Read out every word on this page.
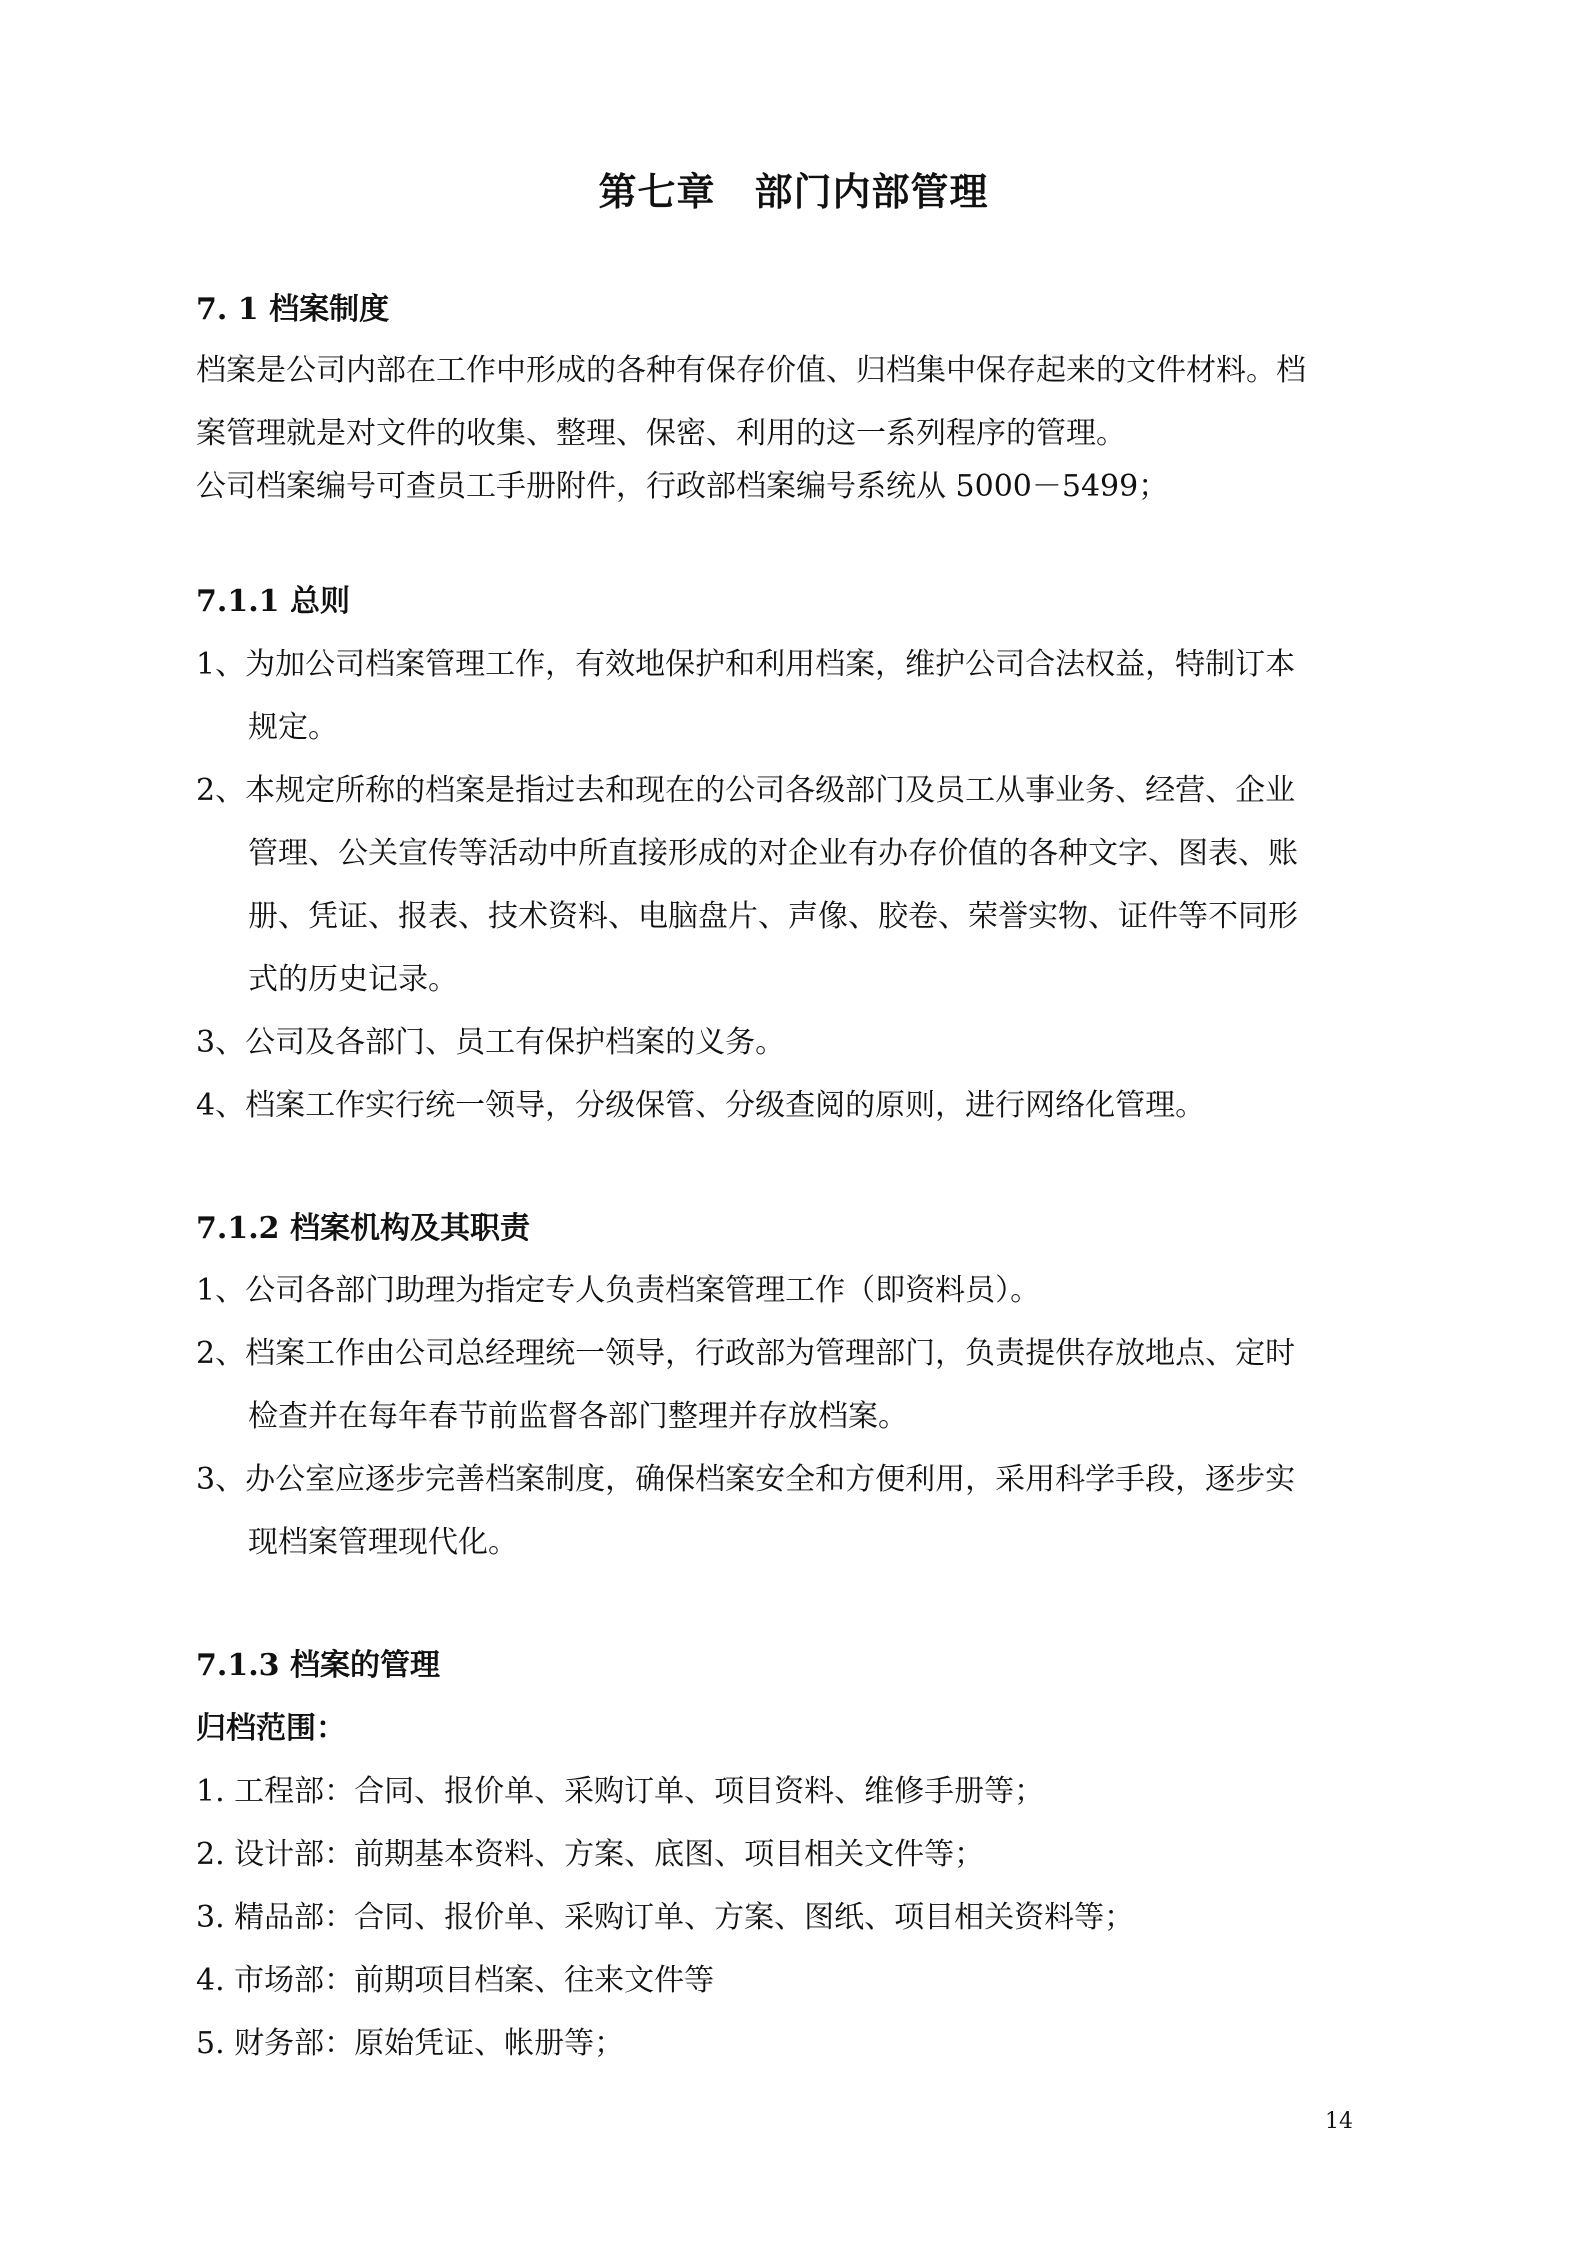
第七章　部门内部管理
7. 1 档案制度
档案是公司内部在工作中形成的各种有保存价值、归档集中保存起来的文件材料。档
案管理就是对文件的收集、整理、保密、利用的这一系列程序的管理。
公司档案编号可查员工手册附件，行政部档案编号系统从 5000－5499；
7.1.1 总则
1、为加公司档案管理工作，有效地保护和利用档案，维护公司合法权益，特制订本
规定。
2、本规定所称的档案是指过去和现在的公司各级部门及员工从事业务、经营、企业
管理、公关宣传等活动中所直接形成的对企业有办存价值的各种文字、图表、账
册、凭证、报表、技术资料、电脑盘片、声像、胶卷、荣誉实物、证件等不同形
式的历史记录。
3、公司及各部门、员工有保护档案的义务。
4、档案工作实行统一领导，分级保管、分级查阅的原则，进行网络化管理。
7.1.2 档案机构及其职责
1、公司各部门助理为指定专人负责档案管理工作（即资料员）。
2、档案工作由公司总经理统一领导，行政部为管理部门，负责提供存放地点、定时
检查并在每年春节前监督各部门整理并存放档案。
3、办公室应逐步完善档案制度，确保档案安全和方便利用，采用科学手段，逐步实
现档案管理现代化。
7.1.3 档案的管理
归档范围：
1. 工程部：合同、报价单、采购订单、项目资料、维修手册等；
2. 设计部：前期基本资料、方案、底图、项目相关文件等；
3. 精品部：合同、报价单、采购订单、方案、图纸、项目相关资料等；
4. 市场部：前期项目档案、往来文件等
5. 财务部：原始凭证、帐册等；
14
